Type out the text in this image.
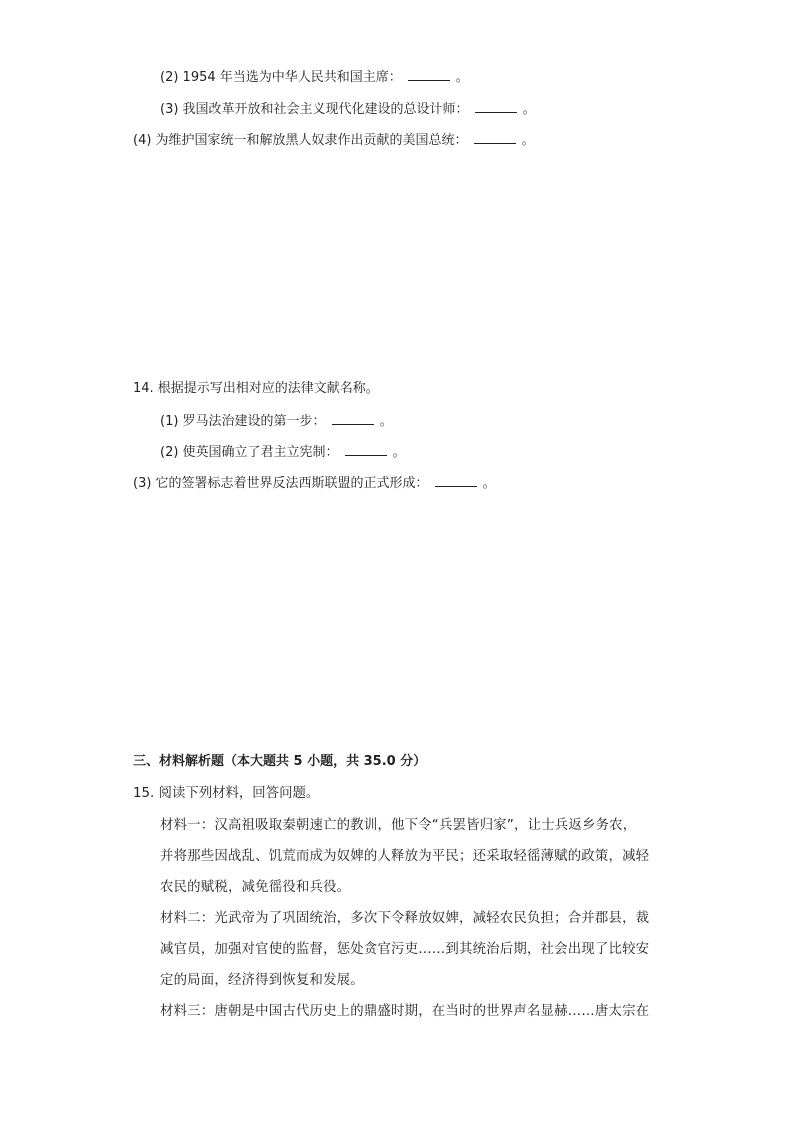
(2) 1954 年当选为中华人民共和国主席：	。
(3) 我国改革开放和社会主义现代化建设的总设计师：	。
(4) 为维护国家统一和解放黑人奴隶作出贡献的美国总统：	。
14. 根据提示写出相对应的法律文献名称。
(1) 罗马法治建设的第一步：	。
(2) 使英国确立了君主立宪制：	。
(3) 它的签署标志着世界反法西斯联盟的正式形成：	。
三、材料解析题（本大题共 5 小题，共 35.0 分）
15. 阅读下列材料，回答问题。
材料一：汉高祖吸取秦朝速亡的教训，他下令“兵罢皆归家”，让士兵返乡务农，
并将那些因战乱、饥荒而成为奴婢的人释放为平民；还采取轻徭薄赋的政策，减轻
农民的赋税，减免徭役和兵役。
材料二：光武帝为了巩固统治，多次下令释放奴婢，减轻农民负担；合并郡县，裁
减官员，加强对官使的监督，惩处贪官污吏……到其统治后期，社会出现了比较安
定的局面，经济得到恢复和发展。
材料三：唐朝是中国古代历史上的鼎盛时期，在当时的世界声名显赫……唐太宗在
